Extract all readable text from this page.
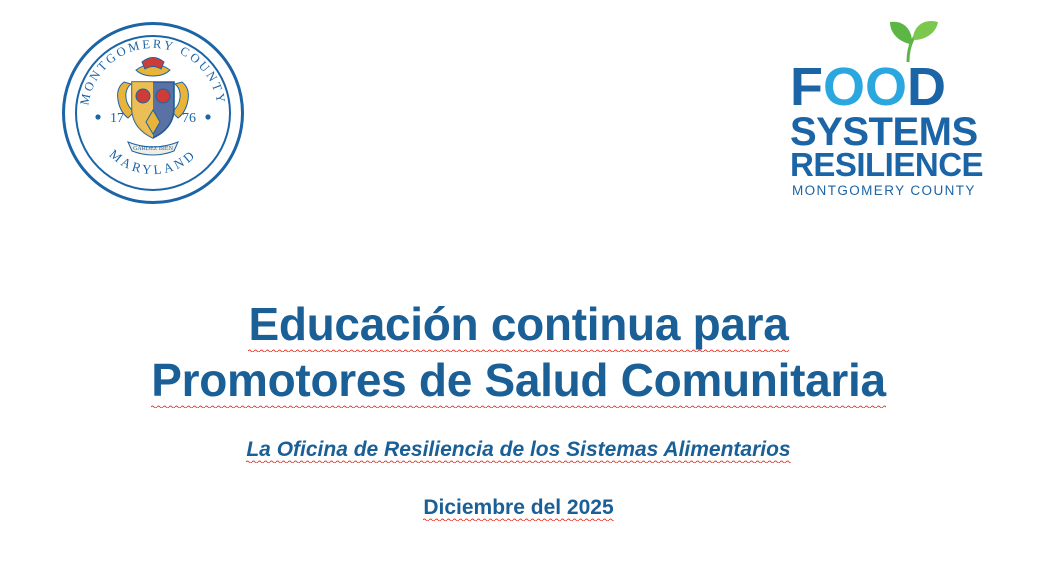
MONTGOMERY COUNTY
MARYLAND
17	76
GARDEZ BIEN
FOOD
SYSTEMS
RESILIENCE
MONTGOMERY COUNTY
Educación continua para
Promotores de Salud Comunitaria
La Oficina de Resiliencia de los Sistemas Alimentarios
Diciembre del 2025
